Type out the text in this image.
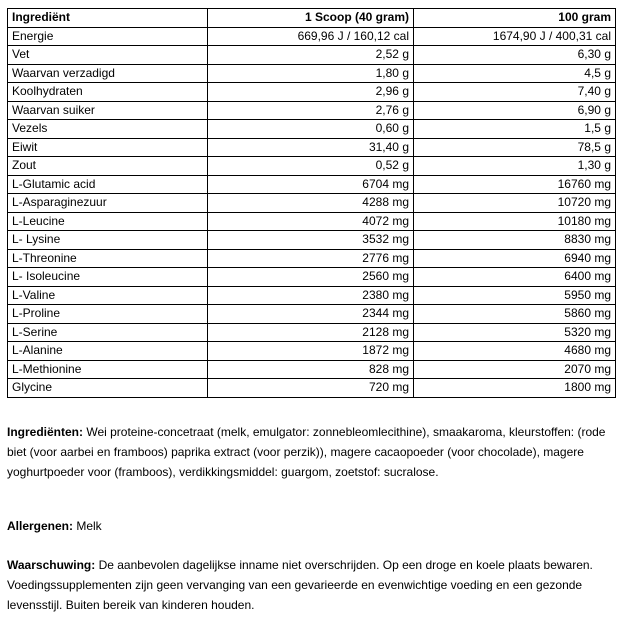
Ingrediënt	1 Scoop (40 gram)	100 gram
Energie	669,96 J / 160,12 cal	1674,90 J / 400,31 cal
Vet	2,52 g	6,30 g
Waarvan verzadigd	1,80 g	4,5 g
Koolhydraten	2,96 g	7,40 g
Waarvan suiker	2,76 g	6,90 g
Vezels	0,60 g	1,5 g
Eiwit	31,40 g	78,5 g
Zout	0,52 g	1,30 g
L-Glutamic acid	6704 mg	16760 mg
L-Asparaginezuur	4288 mg	10720 mg
L-Leucine	4072 mg	10180 mg
L- Lysine	3532 mg	8830 mg
L-Threonine	2776 mg	6940 mg
L- Isoleucine	2560 mg	6400 mg
L-Valine	2380 mg	5950 mg
L-Proline	2344 mg	5860 mg
L-Serine	2128 mg	5320 mg
L-Alanine	1872 mg	4680 mg
L-Methionine	828 mg	2070 mg
Glycine	720 mg	1800 mg

Ingrediënten: Wei proteine-concetraat (melk, emulgator: zonnebleomlecithine), smaakaroma, kleurstoffen: (rode biet (voor aarbei en framboos) paprika extract (voor perzik)), magere cacaopoeder (voor chocolade), magere yoghurtpoeder voor (framboos), verdikkingsmiddel: guargom, zoetstof: sucralose.

Allergenen: Melk

Waarschuwing: De aanbevolen dagelijkse inname niet overschrijden. Op een droge en koele plaats bewaren. Voedingssupplementen zijn geen vervanging van een gevarieerde en evenwichtige voeding en een gezonde levensstijl. Buiten bereik van kinderen houden.
